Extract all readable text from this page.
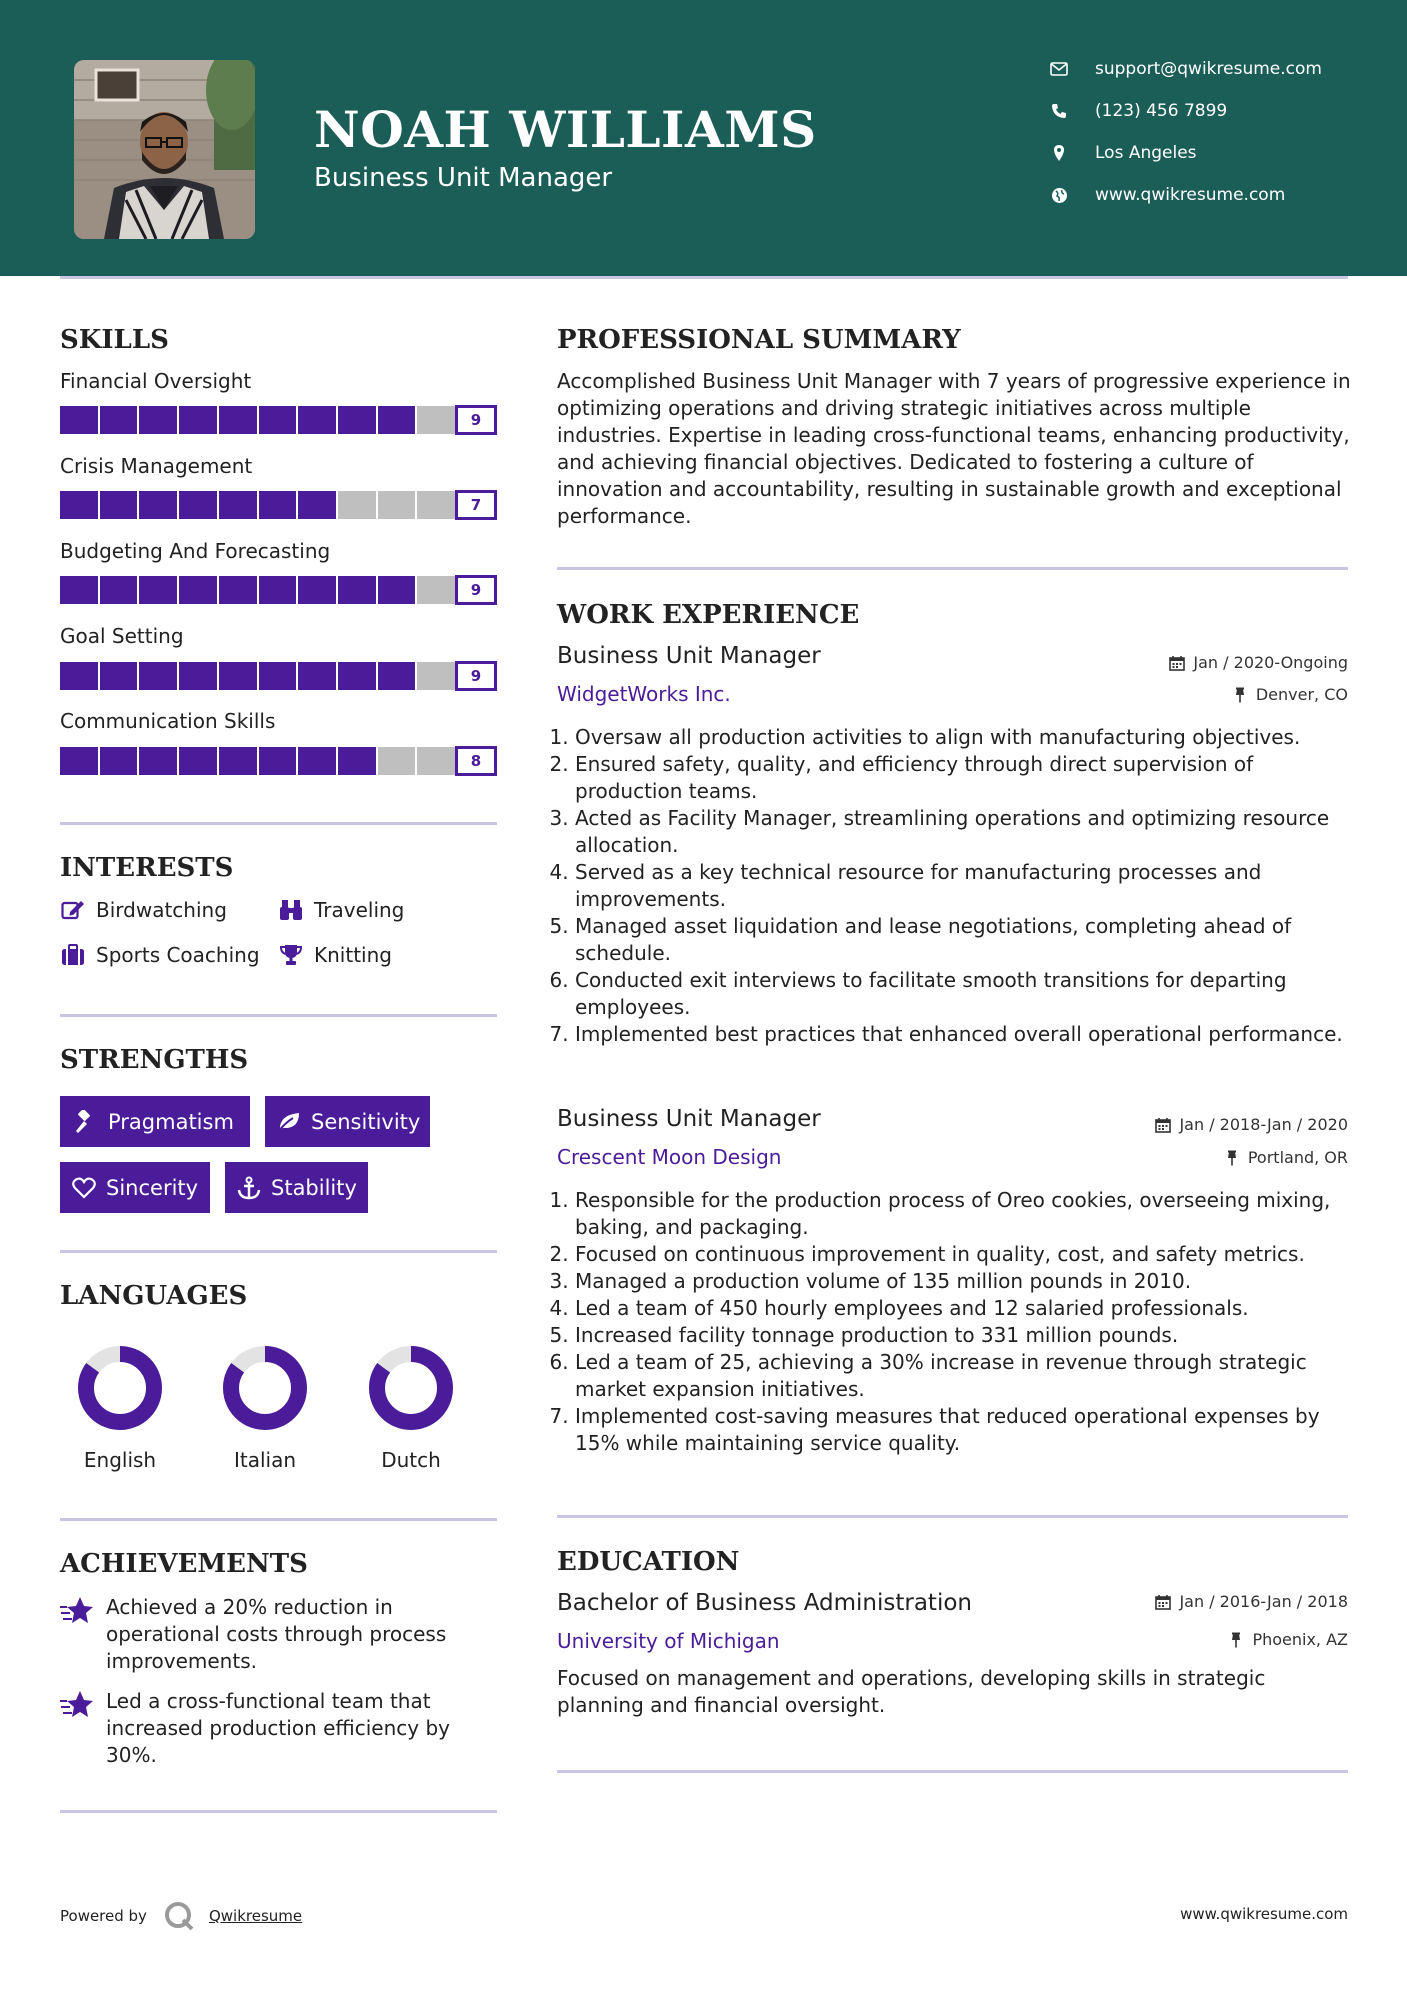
NOAH WILLIAMS
Business Unit Manager
support@qwikresume.com
(123) 456 7899
Los Angeles
www.qwikresume.com
SKILLS
Financial Oversight
9
Crisis Management
7
Budgeting And Forecasting
9
Goal Setting
9
Communication Skills
8
INTERESTS
Birdwatching	Traveling
Sports Coaching	Knitting
STRENGTHS
Pragmatism	Sensitivity
Sincerity	Stability
LANGUAGES
English	Italian	Dutch
ACHIEVEMENTS
Achieved a 20% reduction in operational costs through process improvements.
Led a cross-functional team that increased production efficiency by 30%.
PROFESSIONAL SUMMARY
Accomplished Business Unit Manager with 7 years of progressive experience in optimizing operations and driving strategic initiatives across multiple industries. Expertise in leading cross-functional teams, enhancing productivity, and achieving financial objectives. Dedicated to fostering a culture of innovation and accountability, resulting in sustainable growth and exceptional performance.
WORK EXPERIENCE
Business Unit Manager	Jan / 2020-Ongoing
WidgetWorks Inc.	Denver, CO
1. Oversaw all production activities to align with manufacturing objectives.
2. Ensured safety, quality, and efficiency through direct supervision of production teams.
3. Acted as Facility Manager, streamlining operations and optimizing resource allocation.
4. Served as a key technical resource for manufacturing processes and improvements.
5. Managed asset liquidation and lease negotiations, completing ahead of schedule.
6. Conducted exit interviews to facilitate smooth transitions for departing employees.
7. Implemented best practices that enhanced overall operational performance.
Business Unit Manager	Jan / 2018-Jan / 2020
Crescent Moon Design	Portland, OR
1. Responsible for the production process of Oreo cookies, overseeing mixing, baking, and packaging.
2. Focused on continuous improvement in quality, cost, and safety metrics.
3. Managed a production volume of 135 million pounds in 2010.
4. Led a team of 450 hourly employees and 12 salaried professionals.
5. Increased facility tonnage production to 331 million pounds.
6. Led a team of 25, achieving a 30% increase in revenue through strategic market expansion initiatives.
7. Implemented cost-saving measures that reduced operational expenses by 15% while maintaining service quality.
EDUCATION
Bachelor of Business Administration	Jan / 2016-Jan / 2018
University of Michigan	Phoenix, AZ
Focused on management and operations, developing skills in strategic planning and financial oversight.
Powered by	Qwikresume	www.qwikresume.com
